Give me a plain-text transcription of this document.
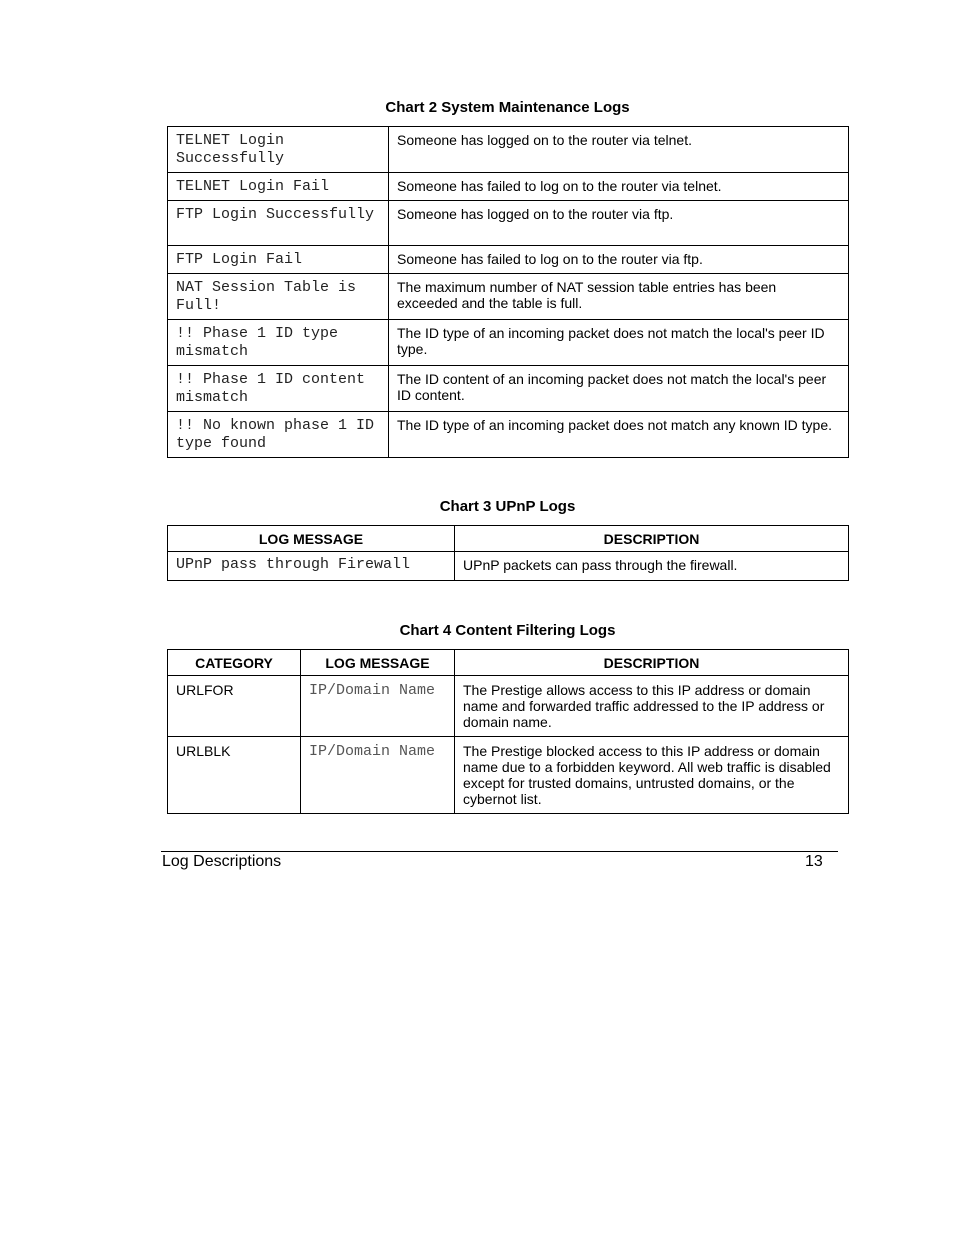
Chart 2 System Maintenance Logs
TELNET Login Successfully	Someone has logged on to the router via telnet.
TELNET Login Fail	Someone has failed to log on to the router via telnet.
FTP Login Successfully	Someone has logged on to the router via ftp.
FTP Login Fail	Someone has failed to log on to the router via ftp.
NAT Session Table is Full!	The maximum number of NAT session table entries has been exceeded and the table is full.
!! Phase 1 ID type mismatch	The ID type of an incoming packet does not match the local's peer ID type.
!! Phase 1 ID content mismatch	The ID content of an incoming packet does not match the local's peer ID content.
!! No known phase 1 ID type found	The ID type of an incoming packet does not match any known ID type.
Chart 3 UPnP Logs
LOG MESSAGE	DESCRIPTION
UPnP pass through Firewall	UPnP packets can pass through the firewall.
Chart 4 Content Filtering Logs
CATEGORY	LOG MESSAGE	DESCRIPTION
URLFOR	IP/Domain Name	The Prestige allows access to this IP address or domain name and forwarded traffic addressed to the IP address or domain name.
URLBLK	IP/Domain Name	The Prestige blocked access to this IP address or domain name due to a forbidden keyword. All web traffic is disabled except for trusted domains, untrusted domains, or the cybernot list.
Log Descriptions	13
